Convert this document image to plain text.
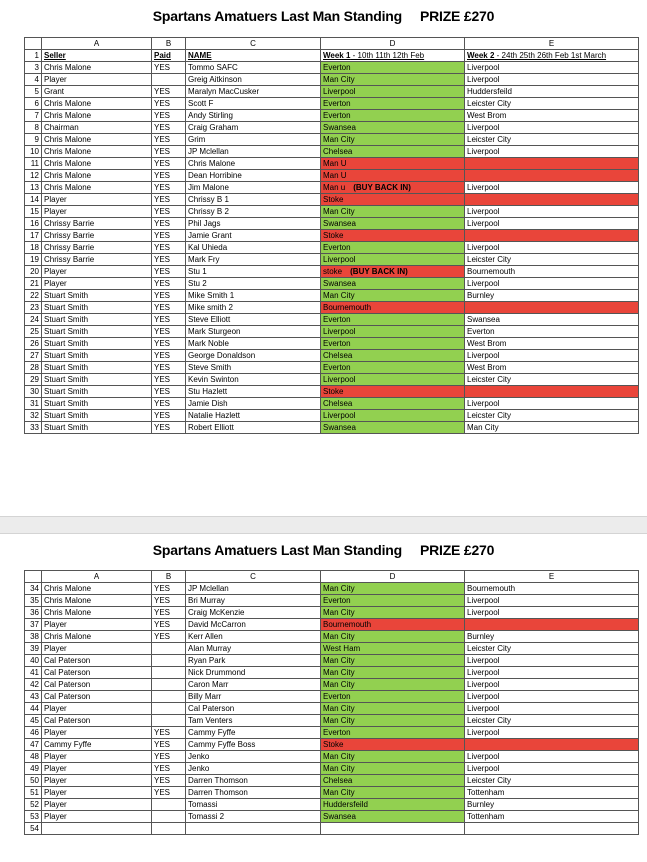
Spartans Amatuers Last Man Standing PRIZE £270
	A	B	C	D	E
1	Seller	Paid	NAME	Week 1 - 10th 11th 12th Feb	Week 2 - 24th 25th 26th Feb 1st March
3	Chris Malone	YES	Tommo SAFC	Everton	Liverpool
4	Player		Greig Aitkinson	Man City	Liverpool
5	Grant	YES	Maralyn MacCusker	Liverpool	Huddersfeild
6	Chris Malone	YES	Scott F	Everton	Leicster City
7	Chris Malone	YES	Andy Stirling	Everton	West Brom
8	Chairman	YES	Craig Graham	Swansea	Liverpool
9	Chris Malone	YES	Grim	Man City	Leicster City
10	Chris Malone	YES	JP Mclellan	Chelsea	Liverpool
11	Chris Malone	YES	Chris Malone	Man U	
12	Chris Malone	YES	Dean Horribine	Man U	
13	Chris Malone	YES	Jim Malone	Man u (BUY BACK IN)	Liverpool
14	Player	YES	Chrissy B 1	Stoke	
15	Player	YES	Chrissy B 2	Man City	Liverpool
16	Chrissy Barrie	YES	Phil Jags	Swansea	Liverpool
17	Chrissy Barrie	YES	Jamie Grant	Stoke	
18	Chrissy Barrie	YES	Kal Uhieda	Everton	Liverpool
19	Chrissy Barrie	YES	Mark Fry	Liverpool	Leicster City
20	Player	YES	Stu 1	stoke (BUY BACK IN)	Bournemouth
21	Player	YES	Stu 2	Swansea	Liverpool
22	Stuart Smith	YES	Mike Smith 1	Man City	Burnley
23	Stuart Smith	YES	Mike smith 2	Bournemouth	
24	Stuart Smith	YES	Steve Elliott	Everton	Swansea
25	Stuart Smith	YES	Mark Sturgeon	Liverpool	Everton
26	Stuart Smith	YES	Mark Noble	Everton	West Brom
27	Stuart Smith	YES	George Donaldson	Chelsea	Liverpool
28	Stuart Smith	YES	Steve Smith	Everton	West Brom
29	Stuart Smith	YES	Kevin Swinton	Liverpool	Leicster City
30	Stuart Smith	YES	Stu Hazlett	Stoke	
31	Stuart Smith	YES	Jamie Dish	Chelsea	Liverpool
32	Stuart Smith	YES	Natalie Hazlett	Liverpool	Leicster City
33	Stuart Smith	YES	Robert Elliott	Swansea	Man City
Spartans Amatuers Last Man Standing PRIZE £270
	A	B	C	D	E
34	Chris Malone	YES	JP Mclellan	Man City	Bournemouth
35	Chris Malone	YES	Bri Murray	Everton	Liverpool
36	Chris Malone	YES	Craig McKenzie	Man City	Liverpool
37	Player	YES	David McCarron	Bournemouth	
38	Chris Malone	YES	Kerr Allen	Man City	Burnley
39	Player		Alan Murray	West Ham	Leicster City
40	Cal Paterson		Ryan Park	Man City	Liverpool
41	Cal Paterson		Nick Drummond	Man City	Liverpool
42	Cal Paterson		Caron Marr	Man City	Liverpool
43	Cal Paterson		Billy Marr	Everton	Liverpool
44	Player		Cal Paterson	Man City	Liverpool
45	Cal Paterson		Tam Venters	Man City	Leicster City
46	Player	YES	Cammy Fyffe	Everton	Liverpool
47	Cammy Fyffe	YES	Cammy Fyffe Boss	Stoke	
48	Player	YES	Jenko	Man City	Liverpool
49	Player	YES	Jenko	Man City	Liverpool
50	Player	YES	Darren Thomson	Chelsea	Leicster City
51	Player	YES	Darren Thomson	Man City	Tottenham
52	Player		Tomassi	Huddersfeild	Burnley
53	Player		Tomassi 2	Swansea	Tottenham
54					
